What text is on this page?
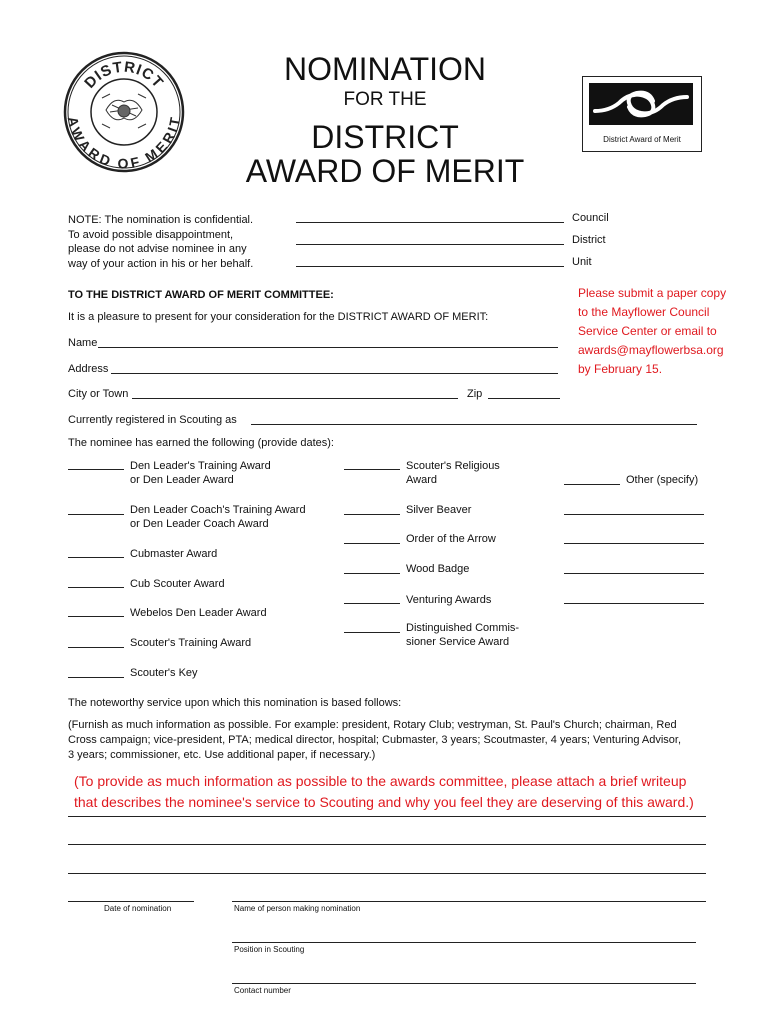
DISTRICT
AWARD OF MERIT
NOMINATION
FOR THE
DISTRICT
AWARD OF MERIT
District Award of Merit
NOTE: The nomination is confidential.
To avoid possible disappointment,
please do not advise nominee in any
way of your action in his or her behalf.
Council
District
Unit
Please submit a paper copy
to the Mayflower Council
Service Center or email to
awards@mayflowerbsa.org
by February 15.
TO THE DISTRICT AWARD OF MERIT COMMITTEE:
It is a pleasure to present for your consideration for the DISTRICT AWARD OF MERIT:
Name
Address
City or Town	Zip
Currently registered in Scouting as
The nominee has earned the following (provide dates):
Den Leader's Training Award
or Den Leader Award
Den Leader Coach's Training Award
or Den Leader Coach Award
Cubmaster Award
Cub Scouter Award
Webelos Den Leader Award
Scouter's Training Award
Scouter's Key
Scouter's Religious
Award
Silver Beaver
Order of the Arrow
Wood Badge
Venturing Awards
Distinguished Commis-
sioner Service Award
Other (specify)
The noteworthy service upon which this nomination is based follows:
(Furnish as much information as possible. For example: president, Rotary Club; vestryman, St. Paul's Church; chairman, Red
Cross campaign; vice-president, PTA; medical director, hospital; Cubmaster, 3 years; Scoutmaster, 4 years; Venturing Advisor,
3 years; commissioner, etc. Use additional paper, if necessary.)
(To provide as much information as possible to the awards committee, please attach a brief writeup
that describes the nominee's service to Scouting and why you feel they are deserving of this award.)
Date of nomination	Name of person making nomination
Position in Scouting
Contact number
